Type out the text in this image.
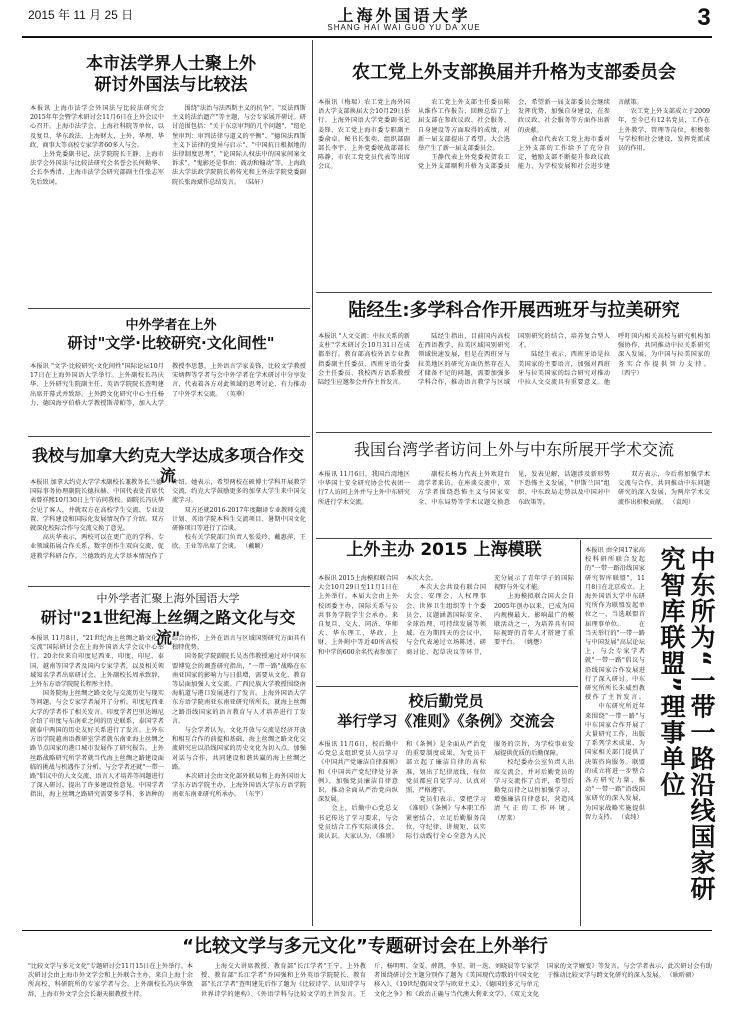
2015 年 11 月 25 日	上海外国语大学
SHANG HAI WAI GUO YU DA XUE	3
本市法学界人士聚上外
研讨外国法与比较法
本报讯 上海市法学会外国法与比较法研究会2015年年会暨学术研讨会11月6日在上外会议中心召开。上海市法学会、上海社科院等单位，以及复旦、华东政法、上海财大、上外、华理、华政、商事大等高校专家学者60多人与会。
　　上外党委副书记、法学院院长王静、上海市法学会外国法与比较法研究会名誉会长何勤华、会长李秀清、上海市法学会研究部副主任张志军先后致词。
　　围绕"法治与法西斯主义的抗争"、"反法西斯主义的法治遗产"等主题，与会专家展开研讨。研讨范围包括："关于东京审判的几个问题"、"纽伦堡审判：审判法律与道义的平衡"、"德国法西斯主义下法律的变异与启示"、"中国抗日根据地的法律制度思考"、"论国际人权法中的国家间案文诉求"、"鬼影还是事由：鼓动和煽动"等。上海政法大学法政学院院长蒋传光和上外法学院党委副院长张海斌作总结发言。 （陆轩）
中外学者在上外
研讨"文学·比较研究·文化间性"
本报讯 "文学·比较研究·文化间性"国际论坛10月17日在上海外国语大学举行。上外副校长冯庆华、上外研究生院副主任、英语学院院长查明建出席开幕式并致辞。上外跨文化研究中心主任杨力，德国海亨伯格大学教授斯蒂帕等，加入大学教授李思慧，上外语言学家姜锋，比较文学教授宋炳辉等学者与会中外学者在学术研讨中分享发言，代表着各方对此领域的思考讨论，有力推动了中外学术交流。 （英華）
我校与加拿大约克大学达成多项合作交流
本报讯 加拿大约克大学学术副校长兼教务长兰德·国际事务协理副院长德拉赫、中国代表处首席代表曾祥熙10月30日上午访问我校。副院长冯庆华会见了客人，并就双方在高校学生交流、专业设置、学科建设和国际化发展情况作了介绍。双方就深化校际合作与交流交换了意见。
　　高庆华表示，两校可以在更广范的学科、专业领域拓展合作关系，数字创作生双向交流，促进教学科研合作。兰德致约克大学基本情况作了介绍。她表示，希望两校在硕博士学科开展教学交流，约克大学鼓励更多的加拿大学生来中国交流学习。
　　双方还就2016-2017年度翻译专业教师交流计划、英语学院本科生交流项目、暑期中国文化研修项目等进行了洽谈。
　　校有关学院部门负责人张爱玲、戴惠萍、王欣、王业等出席了会谈。 （戴颖）
中外学者汇聚上海外国语大学
研讨"21世纪海上丝绸之路文化与交流"
本报讯 11月8日，"21世纪海上丝绸之路文化与交流"国际研讨会在上海外国语大学会议中心举行。20余位来自印度尼西亚、印度、印尼、泰国、越南等国学者及国内专家学者，以及相关领域知名学者出席研讨会。上外副校长周承致辞，上外东方语学院院长程彤主持。
　　国务院海上丝绸之路文化与交流历史与现实等问题，与会专家学者展开了分析。印度尼西亚大学的学者作了相关发言。印度学者巴里达姆尼介绍了印度与东南亚之间的历史联系，泰国学者就泰中两国的历史友好关系进行了发言。上外东方语学院越南语教研室学者就东南亚海上丝绸之路节点国家的港口城市发展作了研究报告。上外丝路战略研究所学者就当代海上丝绸之路建设面临的挑战与机遇作了分析。与会学者还就"一带一路"倡议中的人文交流、语言人才培养等问题进行了深入研讨，提出了许多建设性意见。中国学者指出，海上丝绸之路研究需要多学科、多语种的综合协作，上外在语言与区域国别研究方面具有独特优势。
　　国务院学院副院长吴杰伟教授通过对中国东盟博览会的调查研究指出，"一带一路"战略在东南亚国家的影响力与日俱增，需要从文化、教育等层面加强人文交流。广西民族大学教授围绕南海航道与港口发展进行了发言。上海外国语大学东方语学院南亚东南亚研究所所长，就海上丝绸之路沿线国家的语言教育与人才培养进行了发言。
　　与会学者认为，文化开放与交流是经济开放和相互合作的前提和基础，海上丝绸之路文化交流研究应以沿线国家的历史文化为切入点，加强对话与合作，共同建设和谐共赢的海上丝绸之路。
　　本次研讨会由文化部外联局和上海外国语大学东方语学院主办，上海外国语大学东方语学院南亚东南亚研究所承办。 （东宇）
农工党上外支部换届并升格为支部委员会
本报讯（梅瑞）农工党上海外国语大学支部换届大会10月29日举行。上海外国语大学党委副书记姜锋、农工党上海市委专职副主委俞卓、秘书长张奕、组织部副部长李宇、上外党委统战部部长陈静、市农工党党员代表等出席会议。
　　农工党上外支部主任委员陈从维作工作报告，回顾总结了上届支部在参政议政、社会服务、自身建设等方面取得的成绩，对新一届支部提出了希望。大会选举产生了新一届支部委员会。
　　王静代表上外党委祝贺农工党上外支部顺利升格为支部委员会，希望新一届支部委员会继续发挥优势，加强自身建设，在参政议政、社会服务等方面作出新的贡献。
　　俞卓代表农工党上海市委对上外支部的工作给予了充分肯定，勉励支部不断提升参政议政能力，为学校发展和社会进步建言献策。
　　农工党上外支部成立于2009年，至今已有12名党员，工作在上外教学、管理等岗位，积极参与学校和社会建设，发挥党派成员的作用。
陆经生:多学科合作开展西班牙与拉美研究
本报讯 "人文交流：中拉关系的新支柱"学术研讨会10月31日在成都举行。教育部高校外语专业教指委副主任委员、西班牙语分委会主任委员、我校西方语系教授陆经生应邀参会并作主旨发言。
　　陆经生指出，目前国内高校在西语教学、拉美区域国别研究领域快速发展，但是在西班牙与拉美地区的研究方面仍然存在人才储备不足的问题，需要加强多学科合作，推动语言教学与区域国别研究的结合，培养复合型人才。
　　陆经生表示，西班牙语是拉美国家的主要语言，加强对西班牙与拉美国家的综合研究对推动中拉人文交流具有重要意义。他呼吁国内相关高校与研究机构加强协作，共同推动中拉关系研究深入发展，为中国与拉美国家的务实合作提供智力支持。 （西宁）
我国台湾学者访问上外与中东所展开学术交流
本报讯 11月6日，我国台湾地区中华国土安全研究协会代表团一行7人访问上外并与上外中东研究所进行学术交流。
　　副校长杨力代表上外欢迎台湾学者来访。在座谈交流中，双方学者围绕恐怖主义与国家安全、中东局势等学术议题交换意见，发表见解，话题涉及新形势下恐怖主义发展、"伊斯兰国"组织、中东政局走势以及中国对中东政策等。
　　双方表示，今后将加强学术交流与合作，共同推动中东问题研究的深入发展，为两岸学术交流作出积极贡献。 （袁纯）
上外主办 2015 上海模联
本报讯 2015上海模拟联合国大会10月29日至11月1日在上外举行。本届大会由上外校团委主办，国际关系与公共事务学院学生会承办。来自复旦、交大、同济、华师大、华东理工、华政、上财、上外附中等近40所高校和中学的600余名代表参加了本次大会。
　　本次大会共设有联合国大会、安理会、人权理事会、世界卫生组织等十个委员会，议题涵盖国际安全、全球治理、可持续发展等领域。在为期四天的会议中，与会代表通过立场陈述、磋商讨论、起草决议等环节，充分展示了青年学子的国际视野与外交才能。
　　上海模拟联合国大会自2005年创办以来，已成为国内规模最大、影响最广的模联活动之一，为培养具有国际视野的青年人才搭建了重要平台。 （姚懋）
校后勤党员
举行学习《准则》《条例》交流会
本报讯 11月6日，校后勤中心党总支组织党员人员学习《中国共产党廉洁自律准则》和《中国共产党纪律处分条例》，加强党员廉洁自律意识，推动全面从严治党向纵深发展。
　　会上，后勤中心党总支书记传达了学习要求，与会党员结合工作实际谈体会、谈认识。大家认为，《准则》和《条例》是全面从严治党的重要制度成果，为党员干部立起了廉洁自律的高标准，划出了纪律底线，每位党员都应自觉学习、认真对照、严格遵守。
　　党员们表示，要把学习《准则》《条例》与本职工作紧密结合，立足后勤服务岗位，守纪律、讲规矩，以实际行动践行全心全意为人民服务的宗旨，为学校事业发展提供优质的后勤保障。
　　校纪委办公室负责人出席交流会，并对后勤党员的学习交流作了点评，希望后勤党员持之以恒加强学习，增强廉洁自律意识，营造风清气正的工作环境。 （厚棠）
本报讯 由全国17家高校科研所联合发起的"一带一路沿线国家研究智库联盟"，11月8日在北京成立。上海外国语大学中东研究所作为联盟发起单位之一，当选联盟首届理事单位。 　　在当天举行的"一带一路与中国发展"高层论坛上，与会专家学者就"一带一路"倡议与沿线国家合作发展进行了深入研讨。中东研究所所长朱威烈教授作了主旨发言。 　　中东研究所近年来围绕"一带一路"与中东国家合作开展了大量研究工作，出版了系列学术成果，为国家相关部门提供了决策咨询服务。联盟的成立将进一步整合各方研究力量，推动"一带一路"沿线国家研究的深入发展，为国家战略实施提供智力支持。 （袁纯）	中东所为“一带一路沿线国家研究智库联盟”理事单位
“比较文学与多元文化”专题研讨会在上外举行
"比较文学与多元文化"专题研讨会11月15日在上外举行。本次研讨会由上海市外文学会和上外联合主办，来自上海十余所高校、科研院所的专家学者与会。上外副校长冯庆华致辞，上海市外文学会会长谢天振教授主持。
　　上海交大讲席教授、教育部"长江学者"王宁，上外教授、教育部"长江学者"乔国强和上外英语学院院长、教育部"长江学者"查明建先后作了题为《比较诗学、认知诗学与世界诗学的建构》、《外语学科与比较文学的主旨发言。王斤、杨明明、金雯、薛凯、李星、胡一迭、刘晓晨等专家学者围绕研讨会主题分别作了题为《美国现代诗歌的中国文化移入》、《19世纪俄国文学与欧亚主义》、《德国的多元与单元文化之争》和《政治正确与当代澳大利亚文学》、《双元文化国家的文学嬗变》等发言。与会学者表示，此次研讨会有助于推动比较文学与跨文化研究的深入发展。 （耿昕硕）
